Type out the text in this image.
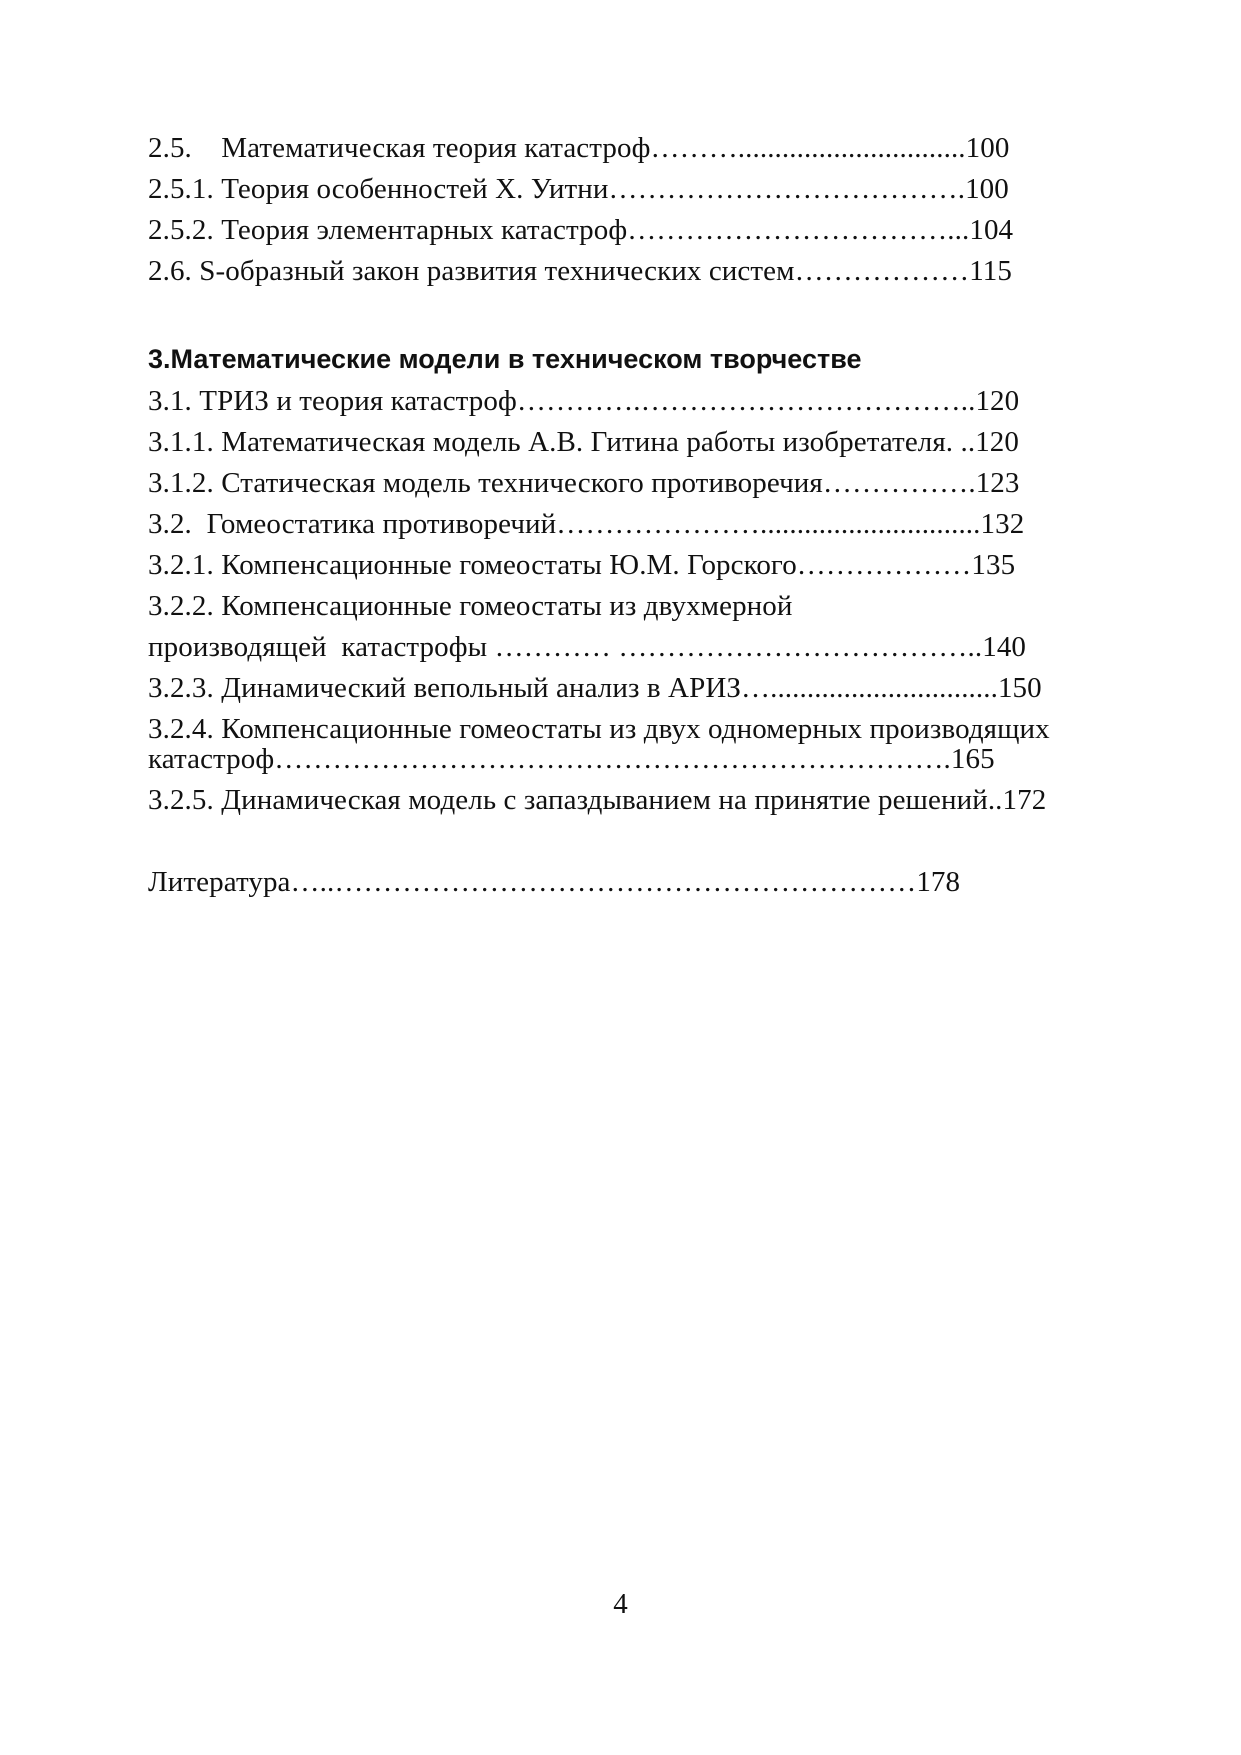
2.5.    Математическая теория катастроф………...............................100
2.5.1. Теория особенностей Х. Уитни……………………………….100
2.5.2. Теория элементарных катастроф……………………………...104
2.6. S-образный закон развития технических систем………………115
3.Математические модели в техническом творчестве
3.1. ТРИЗ и теория катастроф………….……………………………..120
3.1.1. Математическая модель А.В. Гитина работы изобретателя. ..120
3.1.2. Статическая модель технического противоречия…………….123
3.2.  Гомеостатика противоречий…………………..............................132
3.2.1. Компенсационные гомеостаты Ю.М. Горского………………135
3.2.2. Компенсационные гомеостаты из двухмерной
производящей  катастрофы ………… ………………………………..140
3.2.3. Динамический вепольный анализ в АРИЗ…...............................150
3.2.4. Компенсационные гомеостаты из двух одномерных производящих
катастроф…………………………………………………………….165
3.2.5. Динамическая модель с запаздыванием на принятие решений..172
Литература…..……………………………………………………178
4
